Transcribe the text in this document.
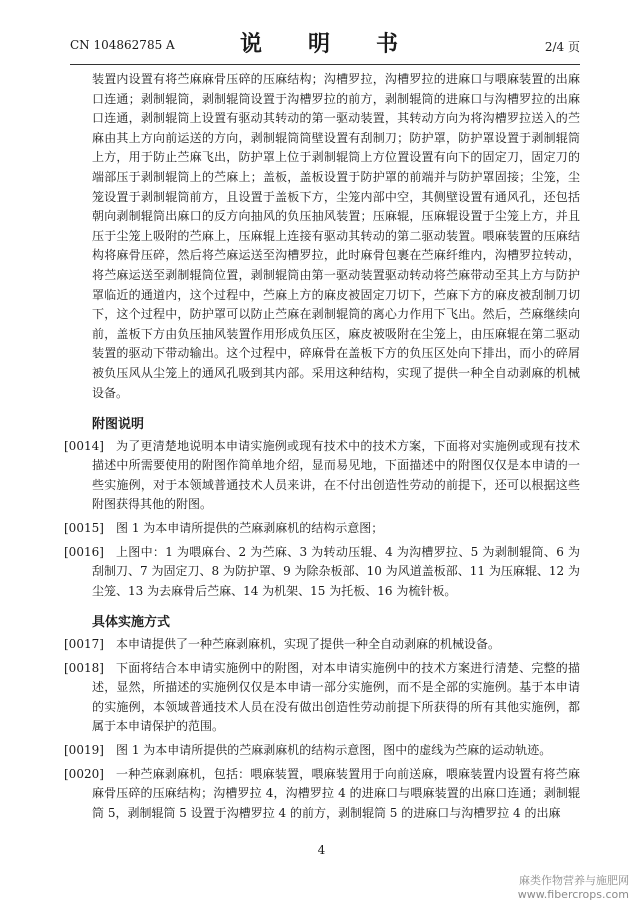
CN 104862785 A	说　明　书	2/4 页

装置内设置有将苎麻麻骨压碎的压麻结构；沟槽罗拉，沟槽罗拉的进麻口与喂麻装置的出麻口连通；剥制辊筒，剥制辊筒设置于沟槽罗拉的前方，剥制辊筒的进麻口与沟槽罗拉的出麻口连通，剥制辊筒上设置有驱动其转动的第一驱动装置，其转动方向为将沟槽罗拉送入的苎麻由其上方向前运送的方向，剥制辊筒筒壁设置有刮制刀；防护罩，防护罩设置于剥制辊筒上方，用于防止苎麻飞出，防护罩上位于剥制辊筒上方位置设置有向下的固定刀，固定刀的端部压于剥制辊筒上的苎麻上；盖板，盖板设置于防护罩的前端并与防护罩固接；尘笼，尘笼设置于剥制辊筒前方，且设置于盖板下方，尘笼内部中空，其侧壁设置有通风孔，还包括朝向剥制辊筒出麻口的反方向抽风的负压抽风装置；压麻辊，压麻辊设置于尘笼上方，并且压于尘笼上吸附的苎麻上，压麻辊上连接有驱动其转动的第二驱动装置。喂麻装置的压麻结构将麻骨压碎，然后将苎麻运送至沟槽罗拉，此时麻骨包裹在苎麻纤维内，沟槽罗拉转动，将苎麻运送至剥制辊筒位置，剥制辊筒由第一驱动装置驱动转动将苎麻带动至其上方与防护罩临近的通道内，这个过程中，苎麻上方的麻皮被固定刀切下，苎麻下方的麻皮被刮制刀切下，这个过程中，防护罩可以防止苎麻在剥制辊筒的离心力作用下飞出。然后，苎麻继续向前，盖板下方由负压抽风装置作用形成负压区，麻皮被吸附在尘笼上，由压麻辊在第二驱动装置的驱动下带动输出。这个过程中，碎麻骨在盖板下方的负压区处向下排出，而小的碎屑被负压风从尘笼上的通风孔吸到其内部。采用这种结构，实现了提供一种全自动剥麻的机械设备。

附图说明
[0014]	为了更清楚地说明本申请实施例或现有技术中的技术方案，下面将对实施例或现有技术描述中所需要使用的附图作简单地介绍，显而易见地，下面描述中的附图仅仅是本申请的一些实施例，对于本领域普通技术人员来讲，在不付出创造性劳动的前提下，还可以根据这些附图获得其他的附图。
[0015]	图 1 为本申请所提供的苎麻剥麻机的结构示意图；
[0016]	上图中：1 为喂麻台、2 为苎麻、3 为转动压辊、4 为沟槽罗拉、5 为剥制辊筒、6 为刮制刀、7 为固定刀、8 为防护罩、9 为除杂板部、10 为风道盖板部、11 为压麻辊、12 为尘笼、13 为去麻骨后苎麻、14 为机架、15 为托板、16 为梳针板。
具体实施方式
[0017]	本申请提供了一种苎麻剥麻机，实现了提供一种全自动剥麻的机械设备。
[0018]	下面将结合本申请实施例中的附图，对本申请实施例中的技术方案进行清楚、完整的描述，显然，所描述的实施例仅仅是本申请一部分实施例，而不是全部的实施例。基于本申请的实施例，本领域普通技术人员在没有做出创造性劳动前提下所获得的所有其他实施例，都属于本申请保护的范围。
[0019]	图 1 为本申请所提供的苎麻剥麻机的结构示意图，图中的虚线为苎麻的运动轨迹。
[0020]	一种苎麻剥麻机，包括：喂麻装置，喂麻装置用于向前送麻，喂麻装置内设置有将苎麻麻骨压碎的压麻结构；沟槽罗拉 4，沟槽罗拉 4 的进麻口与喂麻装置的出麻口连通；剥制辊筒 5，剥制辊筒 5 设置于沟槽罗拉 4 的前方，剥制辊筒 5 的进麻口与沟槽罗拉 4 的出麻
4
麻类作物营养与施肥网
www.fibercrops.com
